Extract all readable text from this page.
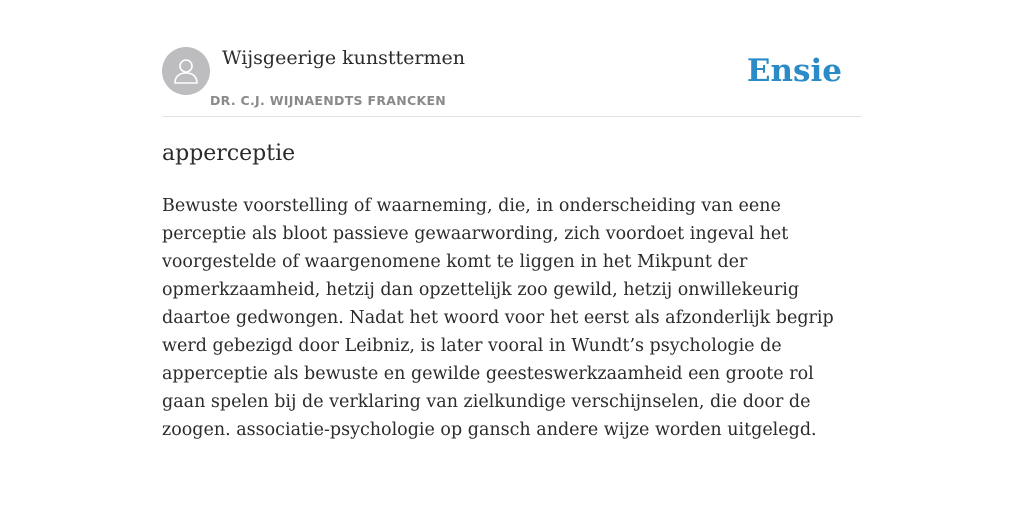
Wijsgeerige kunsttermen
DR. C.J. WIJNAENDTS FRANCKEN
Ensie
apperceptie

Bewuste voorstelling of waarneming, die, in onderscheiding van eene perceptie als bloot passieve gewaarwording, zich voordoet ingeval het voorgestelde of waargenomene komt te liggen in het Mikpunt der opmerkzaamheid, hetzij dan opzettelijk zoo gewild, hetzij onwillekeurig daartoe gedwongen. Nadat het woord voor het eerst als afzonderlijk begrip werd gebezigd door Leibniz, is later vooral in Wundt’s psychologie de apperceptie als bewuste en gewilde geesteswerkzaamheid een groote rol gaan spelen bij de verklaring van zielkundige verschijnselen, die door de zoogen. associatie-psychologie op gansch andere wijze worden uitgelegd.
